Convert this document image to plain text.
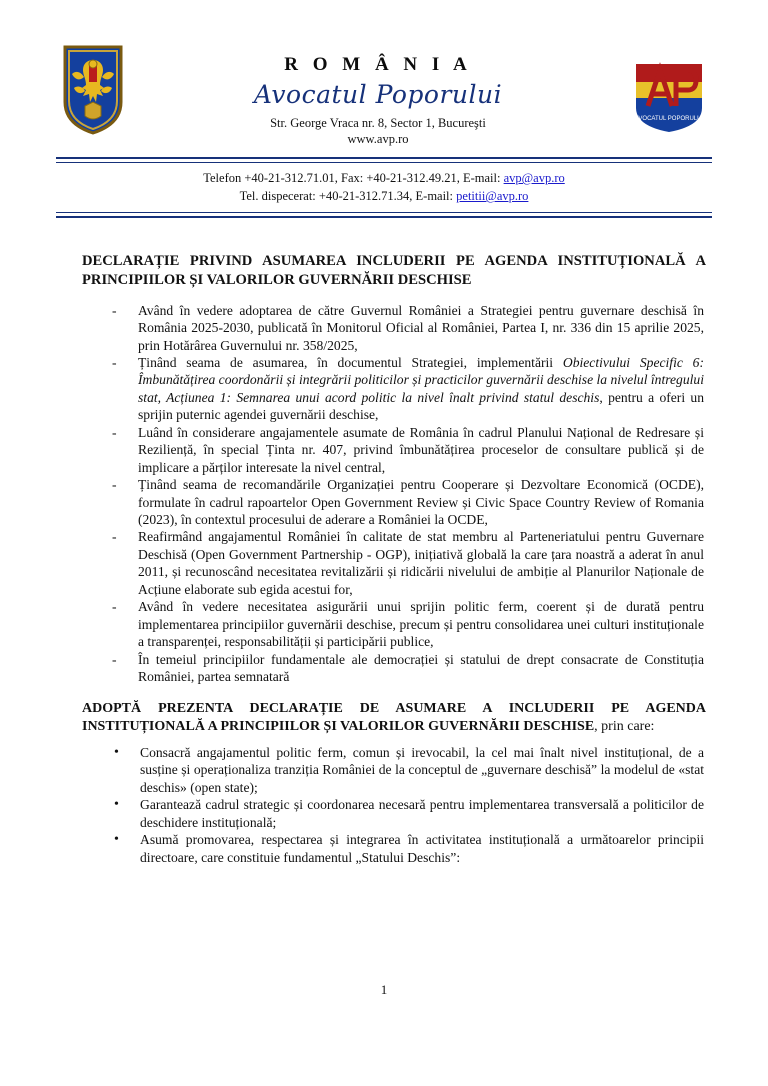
R O M Â N I A
Avocatul Poporului
Str. George Vraca nr. 8, Sector 1, Bucureşti
www.avp.ro
AVOCATUL POPORULUI
Telefon +40-21-312.71.01, Fax: +40-21-312.49.21, E-mail: avp@avp.ro
Tel. dispecerat: +40-21-312.71.34, E-mail: petitii@avp.ro
DECLARAȚIE PRIVIND ASUMAREA INCLUDERII PE AGENDA INSTITUȚIONALĂ A PRINCIPIILOR ȘI VALORILOR GUVERNĂRII DESCHISE
-	Având în vedere adoptarea de către Guvernul României a Strategiei pentru guvernare deschisă în România 2025-2030, publicată în Monitorul Oficial al României, Partea I, nr. 336 din 15 aprilie 2025, prin Hotărârea Guvernului nr. 358/2025,
-	Ținând seama de asumarea, în documentul Strategiei, implementării Obiectivului Specific 6: Îmbunătățirea coordonării și integrării politicilor și practicilor guvernării deschise la nivelul întregului stat, Acțiunea 1: Semnarea unui acord politic la nivel înalt privind statul deschis, pentru a oferi un sprijin puternic agendei guvernării deschise,
-	Luând în considerare angajamentele asumate de România în cadrul Planului Național de Redresare și Reziliență, în special Ținta nr. 407, privind îmbunătățirea proceselor de consultare publică și de implicare a părților interesate la nivel central,
-	Ținând seama de recomandările Organizației pentru Cooperare și Dezvoltare Economică (OCDE), formulate în cadrul rapoartelor Open Government Review și Civic Space Country Review of Romania (2023), în contextul procesului de aderare a României la OCDE,
-	Reafirmând angajamentul României în calitate de stat membru al Parteneriatului pentru Guvernare Deschisă (Open Government Partnership - OGP), inițiativă globală la care țara noastră a aderat în anul 2011, și recunoscând necesitatea revitalizării și ridicării nivelului de ambiție al Planurilor Naționale de Acțiune elaborate sub egida acestui for,
-	Având în vedere necesitatea asigurării unui sprijin politic ferm, coerent și de durată pentru implementarea principiilor guvernării deschise, precum și pentru consolidarea unei culturi instituționale a transparenței, responsabilității și participării publice,
-	În temeiul principiilor fundamentale ale democrației și statului de drept consacrate de Constituția României, partea semnatară
ADOPTĂ PREZENTA DECLARAȚIE DE ASUMARE A INCLUDERII PE AGENDA INSTITUȚIONALĂ A PRINCIPIILOR ȘI VALORILOR GUVERNĂRII DESCHISE, prin care:
•	Consacră angajamentul politic ferm, comun și irevocabil, la cel mai înalt nivel instituțional, de a susține și operaționaliza tranziția României de la conceptul de „guvernare deschisă” la modelul de «stat deschis» (open state);
•	Garantează cadrul strategic și coordonarea necesară pentru implementarea transversală a politicilor de deschidere instituțională;
•	Asumă promovarea, respectarea și integrarea în activitatea instituțională a următoarelor principii directoare, care constituie fundamentul „Statului Deschis”:
1
